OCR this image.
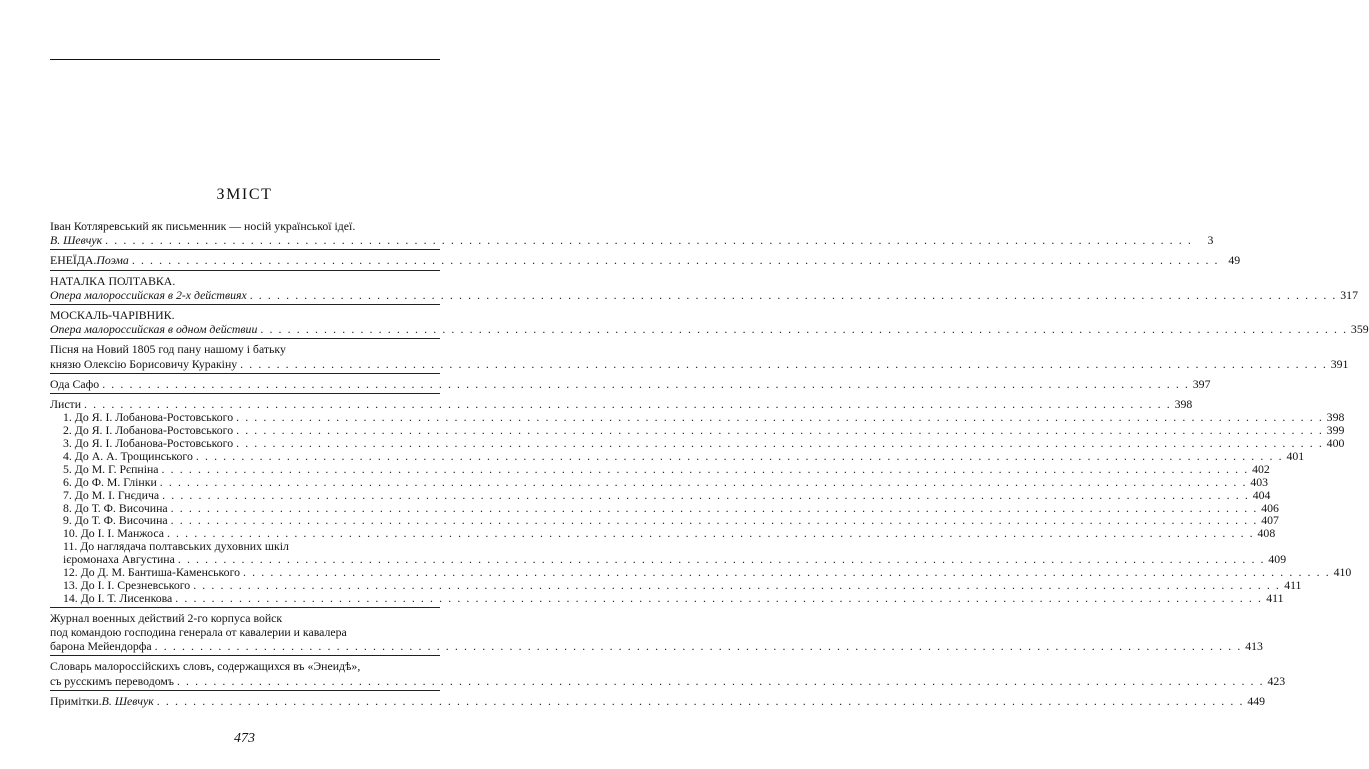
ЗМІСТ
Іван Котляревський як письменник — носій української ідеї.
В. Шевчук . . . . . . . . . . . . . . . . . . . . . . . . . . . . . . . . . . . . . . . . . . . . . . . . . . . . . . . . . . . . . . . . . . . . . . . . . . . . . . . . . . . . . . . . . . . . . . . . . . . . . . . . . . . . . . . . . . . . . . . .	3
ЕНЕЇДА. Поэма . . . . . . . . . . . . . . . . . . . . . . . . . . . . . . . . . . . . . . . . . . . . . . . . . . . . . . . . . . . . . . . . . . . . . . . . . . . . . . . . . . . . . . . . . . . . . . . . . . . . . . . . . . . . . . . . . . . . . . . . 49
НАТАЛКА ПОЛТАВКА.
Опера малороссийская в 2-х действиях . . . . . . . . . . . . . . . . . . . . . . . . . . . . . . . . . . . . . . . . . . . . . . . . . . . . . . . . . . . . . . . . . . . . . . . . . . . . . . . . . . . . . . . . . . . . . . . . . . . . . . . . . . . . . . . . . . . . . . . . 317
МОСКАЛЬ-ЧАРІВНИК.
Опера малороссийская в одном действии . . . . . . . . . . . . . . . . . . . . . . . . . . . . . . . . . . . . . . . . . . . . . . . . . . . . . . . . . . . . . . . . . . . . . . . . . . . . . . . . . . . . . . . . . . . . . . . . . . . . . . . . . . . . . . . . . . . . . . . . 359
Пісня на Новий 1805 год пану нашому і батьку
князю Олексію Борисовичу Куракіну . . . . . . . . . . . . . . . . . . . . . . . . . . . . . . . . . . . . . . . . . . . . . . . . . . . . . . . . . . . . . . . . . . . . . . . . . . . . . . . . . . . . . . . . . . . . . . . . . . . . . . . . . . . . . . . . . . . . . . . . 391
Ода Сафо . . . . . . . . . . . . . . . . . . . . . . . . . . . . . . . . . . . . . . . . . . . . . . . . . . . . . . . . . . . . . . . . . . . . . . . . . . . . . . . . . . . . . . . . . . . . . . . . . . . . . . . . . . . . . . . . . . . . . . . . 397
Листи . . . . . . . . . . . . . . . . . . . . . . . . . . . . . . . . . . . . . . . . . . . . . . . . . . . . . . . . . . . . . . . . . . . . . . . . . . . . . . . . . . . . . . . . . . . . . . . . . . . . . . . . . . . . . . . . . . . . . . . . 398
1. До Я. І. Лобанова-Ростовського . . . . . . . . . . . . . . . . . . . . . . . . . . . . . . . . . . . . . . . . . . . . . . . . . . . . . . . . . . . . . . . . . . . . . . . . . . . . . . . . . . . . . . . . . . . . . . . . . . . . . . . . . . . . . . . . . . . . . . . . 398
2. До Я. І. Лобанова-Ростовського . . . . . . . . . . . . . . . . . . . . . . . . . . . . . . . . . . . . . . . . . . . . . . . . . . . . . . . . . . . . . . . . . . . . . . . . . . . . . . . . . . . . . . . . . . . . . . . . . . . . . . . . . . . . . . . . . . . . . . . . 399
3. До Я. І. Лобанова-Ростовського . . . . . . . . . . . . . . . . . . . . . . . . . . . . . . . . . . . . . . . . . . . . . . . . . . . . . . . . . . . . . . . . . . . . . . . . . . . . . . . . . . . . . . . . . . . . . . . . . . . . . . . . . . . . . . . . . . . . . . . . 400
4. До А. А. Трощинського . . . . . . . . . . . . . . . . . . . . . . . . . . . . . . . . . . . . . . . . . . . . . . . . . . . . . . . . . . . . . . . . . . . . . . . . . . . . . . . . . . . . . . . . . . . . . . . . . . . . . . . . . . . . . . . . . . . . . . . . 401
5. До М. Г. Рєпніна . . . . . . . . . . . . . . . . . . . . . . . . . . . . . . . . . . . . . . . . . . . . . . . . . . . . . . . . . . . . . . . . . . . . . . . . . . . . . . . . . . . . . . . . . . . . . . . . . . . . . . . . . . . . . . . . . . . . . . . . 402
6. До Ф. М. Глінки . . . . . . . . . . . . . . . . . . . . . . . . . . . . . . . . . . . . . . . . . . . . . . . . . . . . . . . . . . . . . . . . . . . . . . . . . . . . . . . . . . . . . . . . . . . . . . . . . . . . . . . . . . . . . . . . . . . . . . . . 403
7. До М. І. Гнєдича . . . . . . . . . . . . . . . . . . . . . . . . . . . . . . . . . . . . . . . . . . . . . . . . . . . . . . . . . . . . . . . . . . . . . . . . . . . . . . . . . . . . . . . . . . . . . . . . . . . . . . . . . . . . . . . . . . . . . . . . 404
8. До Т. Ф. Височина . . . . . . . . . . . . . . . . . . . . . . . . . . . . . . . . . . . . . . . . . . . . . . . . . . . . . . . . . . . . . . . . . . . . . . . . . . . . . . . . . . . . . . . . . . . . . . . . . . . . . . . . . . . . . . . . . . . . . . . . 406
9. До Т. Ф. Височина . . . . . . . . . . . . . . . . . . . . . . . . . . . . . . . . . . . . . . . . . . . . . . . . . . . . . . . . . . . . . . . . . . . . . . . . . . . . . . . . . . . . . . . . . . . . . . . . . . . . . . . . . . . . . . . . . . . . . . . . 407
10. До І. І. Манжоса . . . . . . . . . . . . . . . . . . . . . . . . . . . . . . . . . . . . . . . . . . . . . . . . . . . . . . . . . . . . . . . . . . . . . . . . . . . . . . . . . . . . . . . . . . . . . . . . . . . . . . . . . . . . . . . . . . . . . . . . 408
11. До наглядача полтавських духовних шкіл
ієромонаха Августина . . . . . . . . . . . . . . . . . . . . . . . . . . . . . . . . . . . . . . . . . . . . . . . . . . . . . . . . . . . . . . . . . . . . . . . . . . . . . . . . . . . . . . . . . . . . . . . . . . . . . . . . . . . . . . . . . . . . . . . . 409
12. До Д. М. Бантиша-Каменського . . . . . . . . . . . . . . . . . . . . . . . . . . . . . . . . . . . . . . . . . . . . . . . . . . . . . . . . . . . . . . . . . . . . . . . . . . . . . . . . . . . . . . . . . . . . . . . . . . . . . . . . . . . . . . . . . . . . . . . . 410
13. До І. І. Срезневського . . . . . . . . . . . . . . . . . . . . . . . . . . . . . . . . . . . . . . . . . . . . . . . . . . . . . . . . . . . . . . . . . . . . . . . . . . . . . . . . . . . . . . . . . . . . . . . . . . . . . . . . . . . . . . . . . . . . . . . . 411
14. До І. Т. Лисенкова . . . . . . . . . . . . . . . . . . . . . . . . . . . . . . . . . . . . . . . . . . . . . . . . . . . . . . . . . . . . . . . . . . . . . . . . . . . . . . . . . . . . . . . . . . . . . . . . . . . . . . . . . . . . . . . . . . . . . . . . 411
Журнал военных действий 2-го корпуса войск
под командою господина генерала от кавалерии и кавалера
барона Мейендорфа . . . . . . . . . . . . . . . . . . . . . . . . . . . . . . . . . . . . . . . . . . . . . . . . . . . . . . . . . . . . . . . . . . . . . . . . . . . . . . . . . . . . . . . . . . . . . . . . . . . . . . . . . . . . . . . . . . . . . . . . 413
Словарь малороссійскихъ словъ, содержащихся въ «Энеидѣ»,
съ русскимъ переводомъ . . . . . . . . . . . . . . . . . . . . . . . . . . . . . . . . . . . . . . . . . . . . . . . . . . . . . . . . . . . . . . . . . . . . . . . . . . . . . . . . . . . . . . . . . . . . . . . . . . . . . . . . . . . . . . . . . . . . . . . . 423
Примітки. В. Шевчук . . . . . . . . . . . . . . . . . . . . . . . . . . . . . . . . . . . . . . . . . . . . . . . . . . . . . . . . . . . . . . . . . . . . . . . . . . . . . . . . . . . . . . . . . . . . . . . . . . . . . . . . . . . . . . . . . . . . . . . . 449
473
